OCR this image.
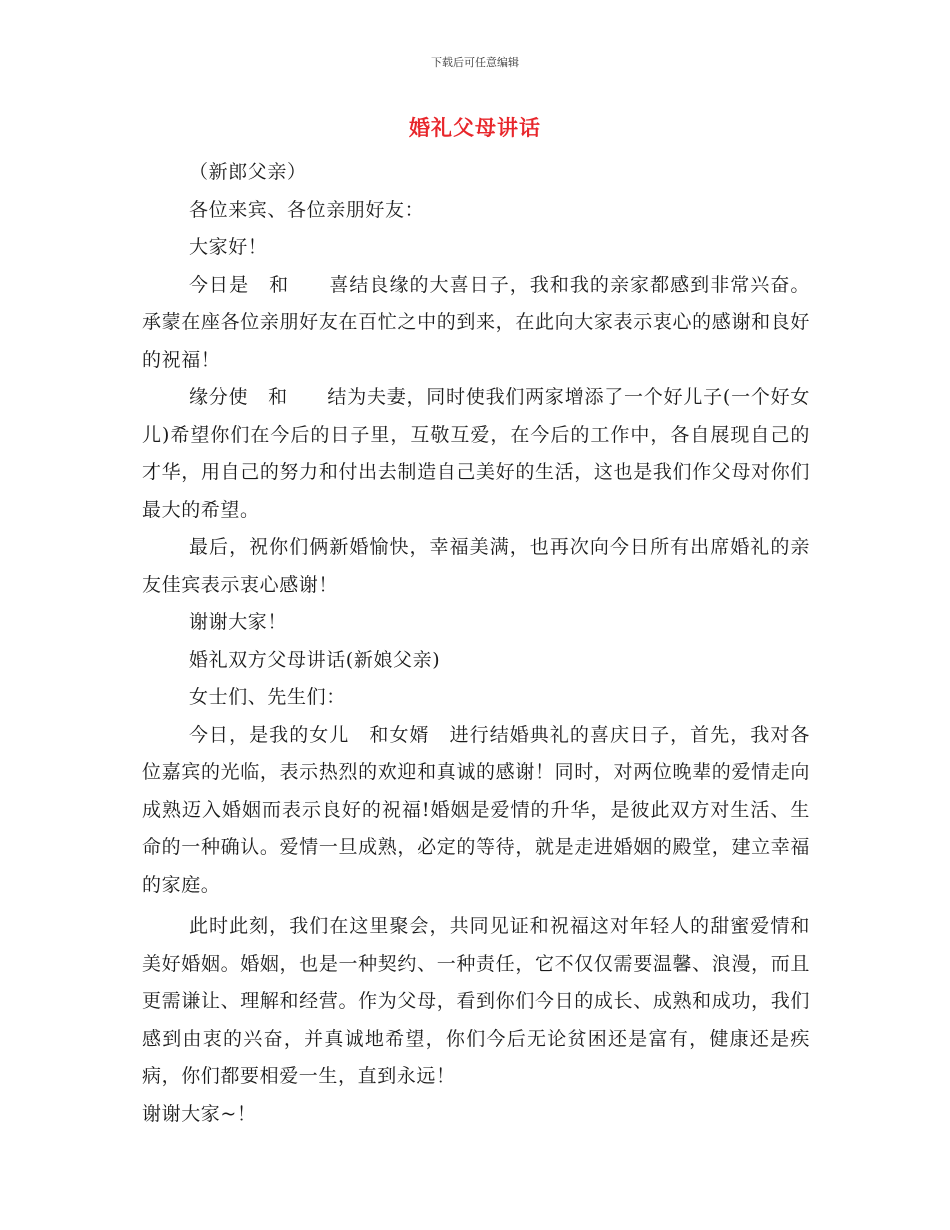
下载后可任意编辑
婚礼父母讲话

（新郎父亲）

各位来宾、各位亲朋好友：

大家好！

今日是　和　　喜结良缘的大喜日子，我和我的亲家都感到非常兴奋。承蒙在座各位亲朋好友在百忙之中的到来，在此向大家表示衷心的感谢和良好的祝福！

缘分使　和　　结为夫妻，同时使我们两家增添了一个好儿子(一个好女儿)希望你们在今后的日子里，互敬互爱，在今后的工作中，各自展现自己的才华，用自己的努力和付出去制造自己美好的生活，这也是我们作父母对你们最大的希望。

最后，祝你们俩新婚愉快，幸福美满，也再次向今日所有出席婚礼的亲友佳宾表示衷心感谢！

谢谢大家！

婚礼双方父母讲话(新娘父亲)

女士们、先生们：

今日，是我的女儿　和女婿　进行结婚典礼的喜庆日子，首先，我对各位嘉宾的光临，表示热烈的欢迎和真诚的感谢！同时，对两位晚辈的爱情走向成熟迈入婚姻而表示良好的祝福!婚姻是爱情的升华，是彼此双方对生活、生命的一种确认。爱情一旦成熟，必定的等待，就是走进婚姻的殿堂，建立幸福的家庭。

此时此刻，我们在这里聚会，共同见证和祝福这对年轻人的甜蜜爱情和美好婚姻。婚姻，也是一种契约、一种责任，它不仅仅需要温馨、浪漫，而且更需谦让、理解和经营。作为父母，看到你们今日的成长、成熟和成功，我们感到由衷的兴奋，并真诚地希望，你们今后无论贫困还是富有，健康还是疾病，你们都要相爱一生，直到永远！

谢谢大家~！
